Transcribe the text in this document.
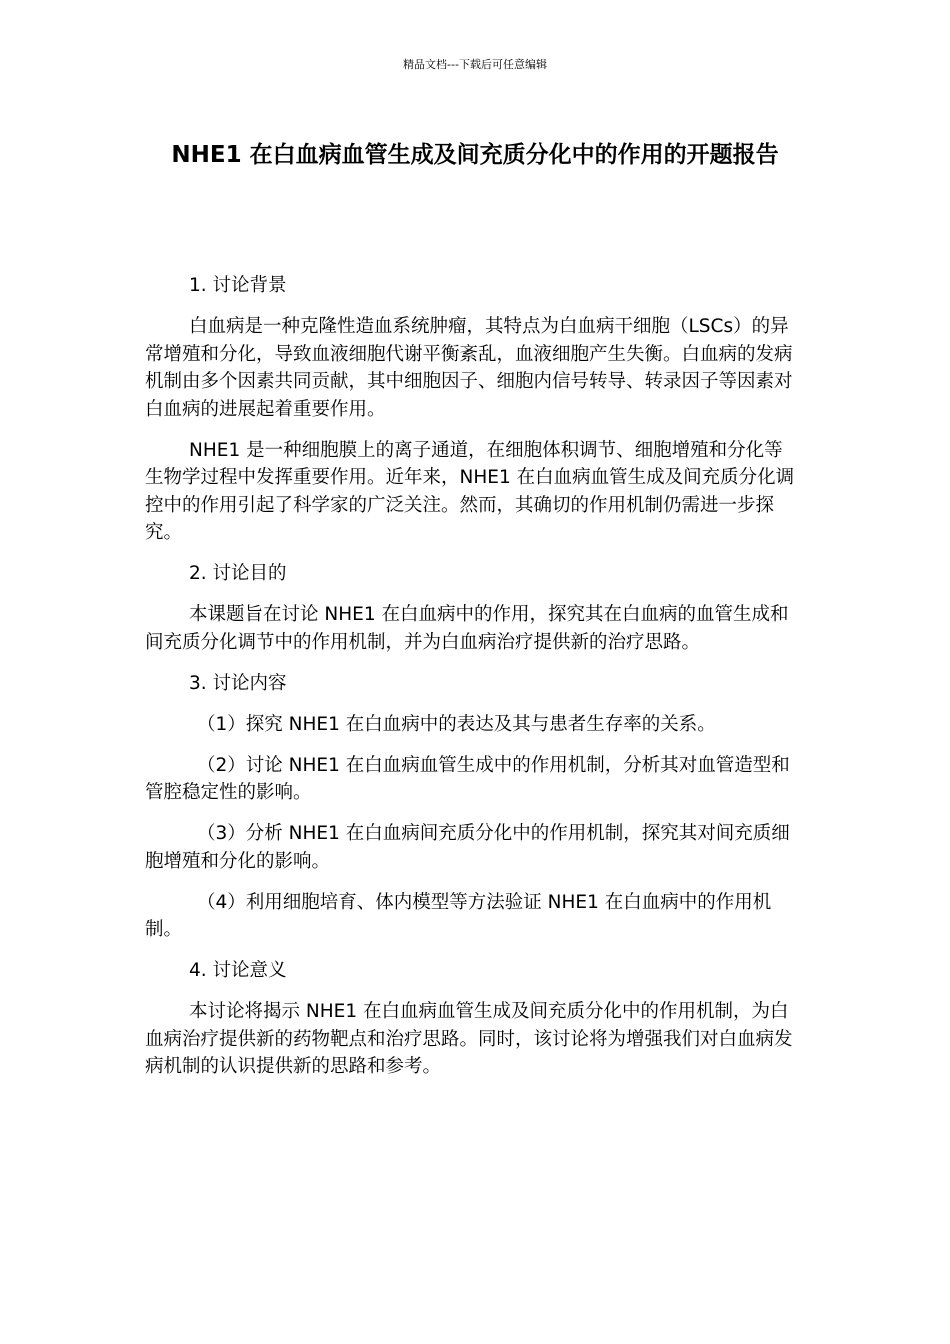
精品文档---下载后可任意编辑
NHE1 在白血病血管生成及间充质分化中的作用的开题报告

1. 讨论背景

白血病是一种克隆性造血系统肿瘤，其特点为白血病干细胞（LSCs）的异常增殖和分化，导致血液细胞代谢平衡紊乱，血液细胞产生失衡。白血病的发病机制由多个因素共同贡献，其中细胞因子、细胞内信号转导、转录因子等因素对白血病的进展起着重要作用。

NHE1 是一种细胞膜上的离子通道，在细胞体积调节、细胞增殖和分化等生物学过程中发挥重要作用。近年来，NHE1 在白血病血管生成及间充质分化调控中的作用引起了科学家的广泛关注。然而，其确切的作用机制仍需进一步探究。

2. 讨论目的

本课题旨在讨论 NHE1 在白血病中的作用，探究其在白血病的血管生成和间充质分化调节中的作用机制，并为白血病治疗提供新的治疗思路。

3. 讨论内容

（1）探究 NHE1 在白血病中的表达及其与患者生存率的关系。

（2）讨论 NHE1 在白血病血管生成中的作用机制，分析其对血管造型和管腔稳定性的影响。

（3）分析 NHE1 在白血病间充质分化中的作用机制，探究其对间充质细胞增殖和分化的影响。

（4）利用细胞培育、体内模型等方法验证 NHE1 在白血病中的作用机制。

4. 讨论意义

本讨论将揭示 NHE1 在白血病血管生成及间充质分化中的作用机制，为白血病治疗提供新的药物靶点和治疗思路。同时，该讨论将为增强我们对白血病发病机制的认识提供新的思路和参考。
